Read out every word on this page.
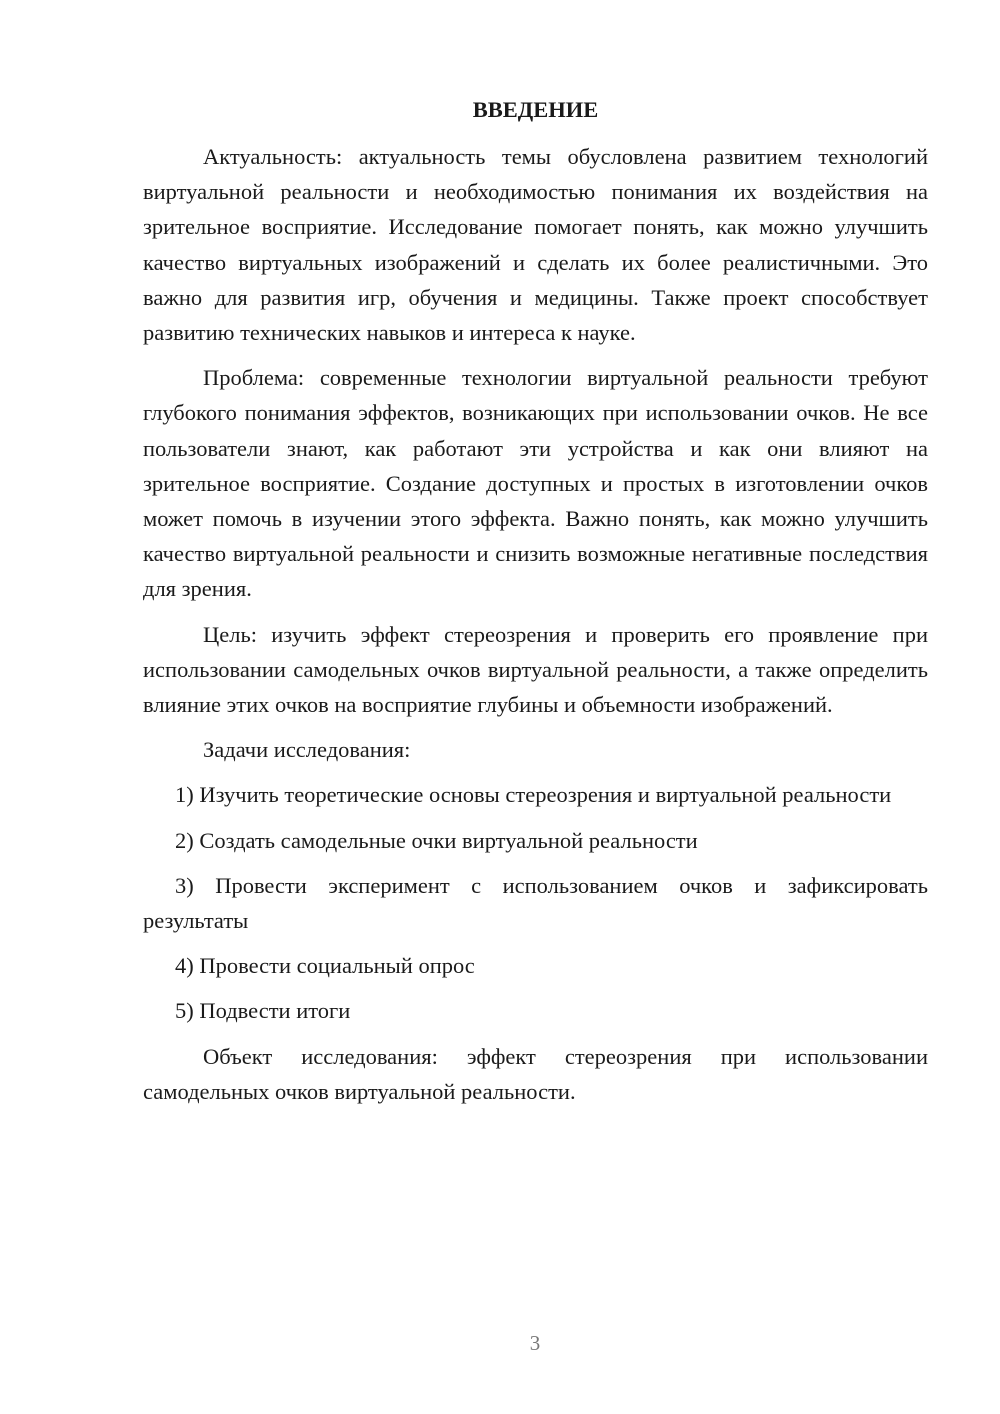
ВВЕДЕНИЕ

Актуальность: актуальность темы обусловлена развитием технологий виртуальной реальности и необходимостью понимания их воздействия на зрительное восприятие. Исследование помогает понять, как можно улучшить качество виртуальных изображений и сделать их более реалистичными. Это важно для развития игр, обучения и медицины. Также проект способствует развитию технических навыков и интереса к науке.

Проблема: современные технологии виртуальной реальности требуют глубокого понимания эффектов, возникающих при использовании очков. Не все пользователи знают, как работают эти устройства и как они влияют на зрительное восприятие. Создание доступных и простых в изготовлении очков может помочь в изучении этого эффекта. Важно понять, как можно улучшить качество виртуальной реальности и снизить возможные негативные последствия для зрения.

Цель: изучить эффект стереозрения и проверить его проявление при использовании самодельных очков виртуальной реальности, а также определить влияние этих очков на восприятие глубины и объемности изображений.

Задачи исследования:

1) Изучить теоретические основы стереозрения и виртуальной реальности

2) Создать самодельные очки виртуальной реальности

3) Провести эксперимент с использованием очков и зафиксировать результаты

4) Провести социальный опрос

5) Подвести итоги

Объект исследования: эффект стереозрения при использовании самодельных очков виртуальной реальности.

3
